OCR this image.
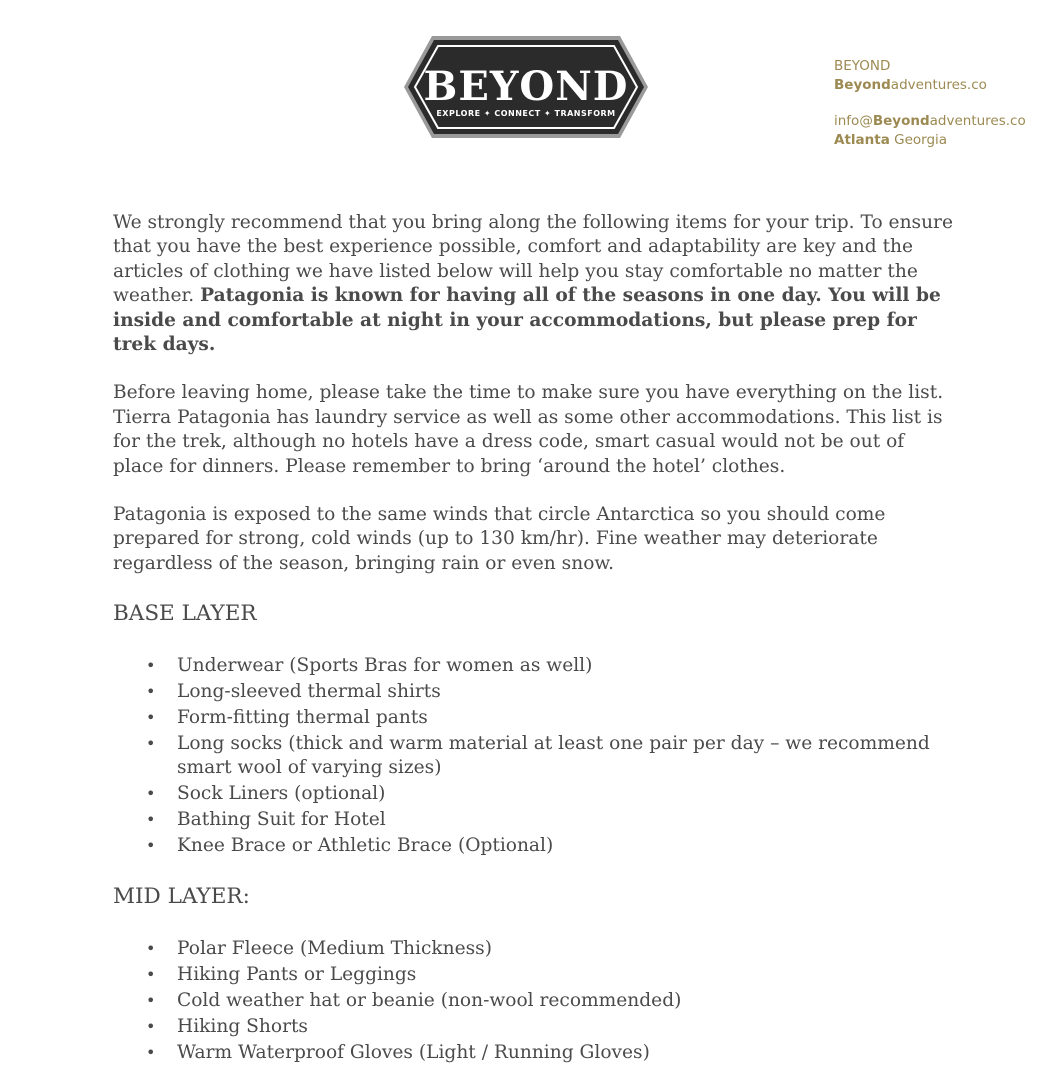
BEYOND
EXPLORE ✦ CONNECT ✦ TRANSFORM
BEYOND
Beyondadventures.co
info@Beyondadventures.co
Atlanta Georgia

We strongly recommend that you bring along the following items for your trip. To ensure that you have the best experience possible, comfort and adaptability are key and the articles of clothing we have listed below will help you stay comfortable no matter the weather. Patagonia is known for having all of the seasons in one day. You will be inside and comfortable at night in your accommodations, but please prep for trek days.

Before leaving home, please take the time to make sure you have everything on the list. Tierra Patagonia has laundry service as well as some other accommodations. This list is for the trek, although no hotels have a dress code, smart casual would not be out of place for dinners. Please remember to bring ‘around the hotel’ clothes.

Patagonia is exposed to the same winds that circle Antarctica so you should come prepared for strong, cold winds (up to 130 km/hr). Fine weather may deteriorate regardless of the season, bringing rain or even snow.

BASE LAYER
• Underwear (Sports Bras for women as well)
• Long-sleeved thermal shirts
• Form-fitting thermal pants
• Long socks (thick and warm material at least one pair per day – we recommend smart wool of varying sizes)
• Sock Liners (optional)
• Bathing Suit for Hotel
• Knee Brace or Athletic Brace (Optional)
MID LAYER:
• Polar Fleece (Medium Thickness)
• Hiking Pants or Leggings
• Cold weather hat or beanie (non-wool recommended)
• Hiking Shorts
• Warm Waterproof Gloves (Light / Running Gloves)
